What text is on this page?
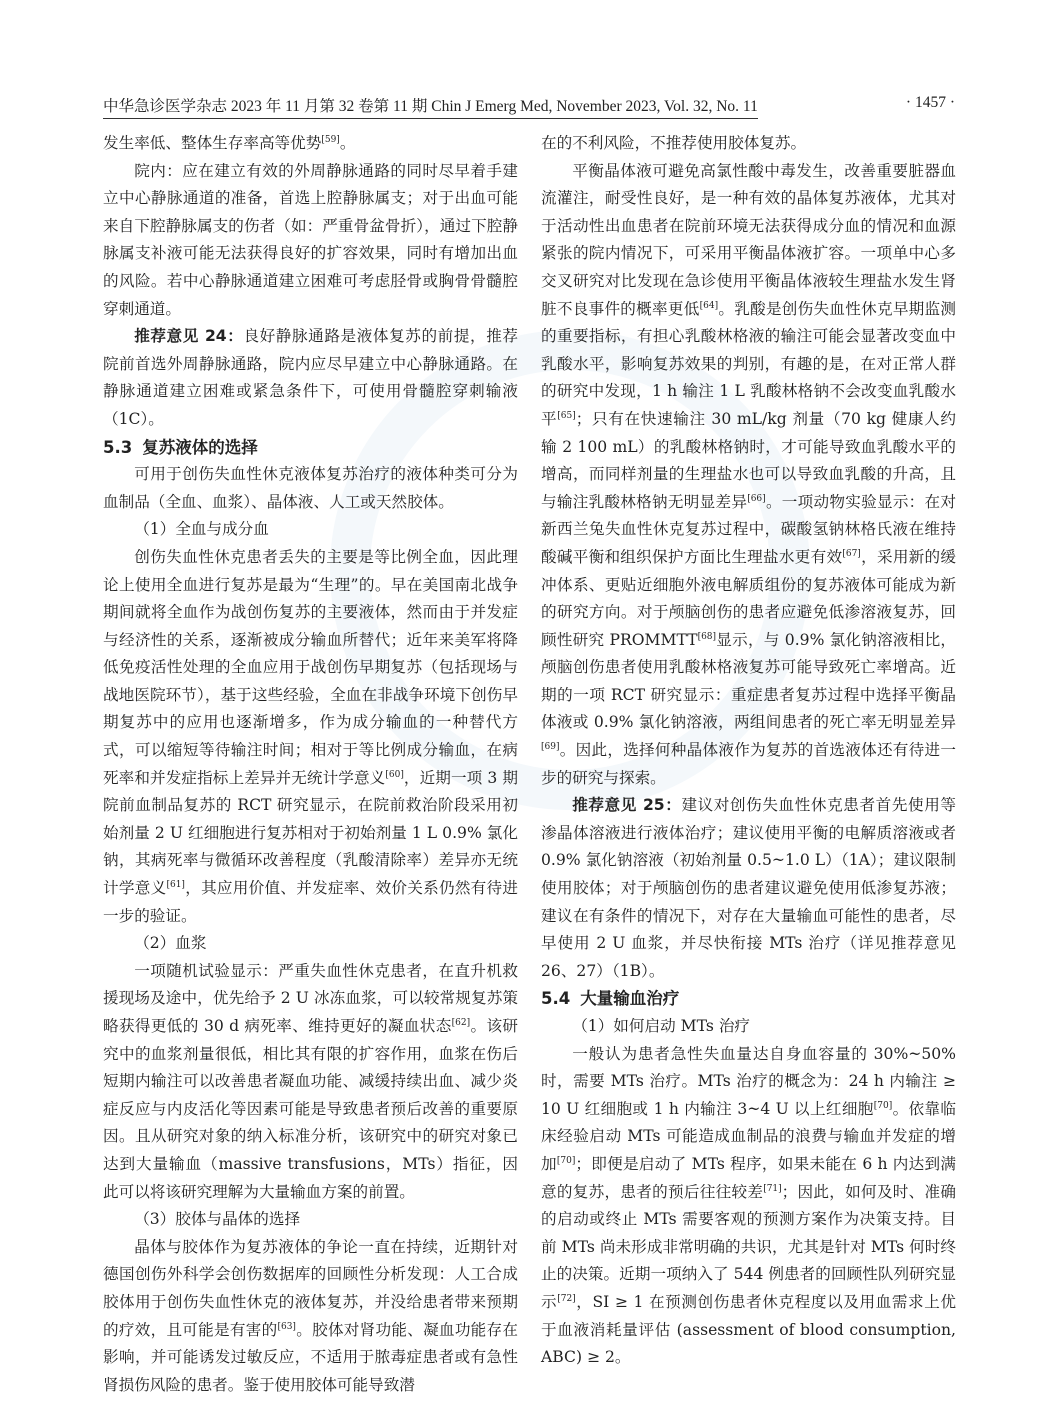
中华急诊医学杂志 2023 年 11 月第 32 卷第 11 期 Chin J Emerg Med, November 2023, Vol. 32, No. 11	· 1457 ·

发生率低、整体生存率高等优势[59]。

院内：应在建立有效的外周静脉通路的同时尽早着手建立中心静脉通道的准备，首选上腔静脉属支；对于出血可能来自下腔静脉属支的伤者（如：严重骨盆骨折），通过下腔静脉属支补液可能无法获得良好的扩容效果，同时有增加出血的风险。若中心静脉通道建立困难可考虑胫骨或胸骨骨髓腔穿刺通道。

推荐意见 24：良好静脉通路是液体复苏的前提，推荐院前首选外周静脉通路，院内应尽早建立中心静脉通路。在静脉通道建立困难或紧急条件下，可使用骨髓腔穿刺输液（1C）。

5.3 复苏液体的选择

可用于创伤失血性休克液体复苏治疗的液体种类可分为血制品（全血、血浆）、晶体液、人工或天然胶体。

（1）全血与成分血

创伤失血性休克患者丢失的主要是等比例全血，因此理论上使用全血进行复苏是最为“生理”的。早在美国南北战争期间就将全血作为战创伤复苏的主要液体，然而由于并发症与经济性的关系，逐渐被成分输血所替代；近年来美军将降低免疫活性处理的全血应用于战创伤早期复苏（包括现场与战地医院环节），基于这些经验，全血在非战争环境下创伤早期复苏中的应用也逐渐增多，作为成分输血的一种替代方式，可以缩短等待输注时间；相对于等比例成分输血，在病死率和并发症指标上差异并无统计学意义[60]，近期一项 3 期院前血制品复苏的 RCT 研究显示，在院前救治阶段采用初始剂量 2 U 红细胞进行复苏相对于初始剂量 1 L 0.9% 氯化钠，其病死率与微循环改善程度（乳酸清除率）差异亦无统计学意义[61]，其应用价值、并发症率、效价关系仍然有待进一步的验证。

（2）血浆

一项随机试验显示：严重失血性休克患者，在直升机救援现场及途中，优先给予 2 U 冰冻血浆，可以较常规复苏策略获得更低的 30 d 病死率、维持更好的凝血状态[62]。该研究中的血浆剂量很低，相比其有限的扩容作用，血浆在伤后短期内输注可以改善患者凝血功能、减缓持续出血、减少炎症反应与内皮活化等因素可能是导致患者预后改善的重要原因。且从研究对象的纳入标准分析，该研究中的研究对象已达到大量输血（massive transfusions，MTs）指征，因此可以将该研究理解为大量输血方案的前置。

（3）胶体与晶体的选择

晶体与胶体作为复苏液体的争论一直在持续，近期针对德国创伤外科学会创伤数据库的回顾性分析发现：人工合成胶体用于创伤失血性休克的液体复苏，并没给患者带来预期的疗效，且可能是有害的[63]。胶体对肾功能、凝血功能存在影响，并可能诱发过敏反应，不适用于脓毒症患者或有急性肾损伤风险的患者。鉴于使用胶体可能导致潜

在的不利风险，不推荐使用胶体复苏。

平衡晶体液可避免高氯性酸中毒发生，改善重要脏器血流灌注，耐受性良好，是一种有效的晶体复苏液体，尤其对于活动性出血患者在院前环境无法获得成分血的情况和血源紧张的院内情况下，可采用平衡晶体液扩容。一项单中心多交叉研究对比发现在急诊使用平衡晶体液较生理盐水发生肾脏不良事件的概率更低[64]。乳酸是创伤失血性休克早期监测的重要指标，有担心乳酸林格液的输注可能会显著改变血中乳酸水平，影响复苏效果的判别，有趣的是，在对正常人群的研究中发现，1 h 输注 1 L 乳酸林格钠不会改变血乳酸水平[65]；只有在快速输注 30 mL/kg 剂量（70 kg 健康人约输 2 100 mL）的乳酸林格钠时，才可能导致血乳酸水平的增高，而同样剂量的生理盐水也可以导致血乳酸的升高，且与输注乳酸林格钠无明显差异[66]。一项动物实验显示：在对新西兰兔失血性休克复苏过程中，碳酸氢钠林格氏液在维持酸碱平衡和组织保护方面比生理盐水更有效[67]，采用新的缓冲体系、更贴近细胞外液电解质组份的复苏液体可能成为新的研究方向。对于颅脑创伤的患者应避免低渗溶液复苏，回顾性研究 PROMMTT[68]显示，与 0.9% 氯化钠溶液相比，颅脑创伤患者使用乳酸林格液复苏可能导致死亡率增高。近期的一项 RCT 研究显示：重症患者复苏过程中选择平衡晶体液或 0.9% 氯化钠溶液，两组间患者的死亡率无明显差异[69]。因此，选择何种晶体液作为复苏的首选液体还有待进一步的研究与探索。

推荐意见 25：建议对创伤失血性休克患者首先使用等渗晶体溶液进行液体治疗；建议使用平衡的电解质溶液或者 0.9% 氯化钠溶液（初始剂量 0.5~1.0 L）（1A）；建议限制使用胶体；对于颅脑创伤的患者建议避免使用低渗复苏液；建议在有条件的情况下，对存在大量输血可能性的患者，尽早使用 2 U 血浆，并尽快衔接 MTs 治疗（详见推荐意见 26、27）（1B）。

5.4 大量输血治疗

（1）如何启动 MTs 治疗

一般认为患者急性失血量达自身血容量的 30%~50% 时，需要 MTs 治疗。MTs 治疗的概念为：24 h 内输注 ≥ 10 U 红细胞或 1 h 内输注 3~4 U 以上红细胞[70]。依靠临床经验启动 MTs 可能造成血制品的浪费与输血并发症的增加[70]；即便是启动了 MTs 程序，如果未能在 6 h 内达到满意的复苏，患者的预后往往较差[71]；因此，如何及时、准确的启动或终止 MTs 需要客观的预测方案作为决策支持。目前 MTs 尚未形成非常明确的共识，尤其是针对 MTs 何时终止的决策。近期一项纳入了 544 例患者的回顾性队列研究显示[72]，SI ≥ 1 在预测创伤患者休克程度以及用血需求上优于血液消耗量评估 (assessment of blood consumption, ABC) ≥ 2。
